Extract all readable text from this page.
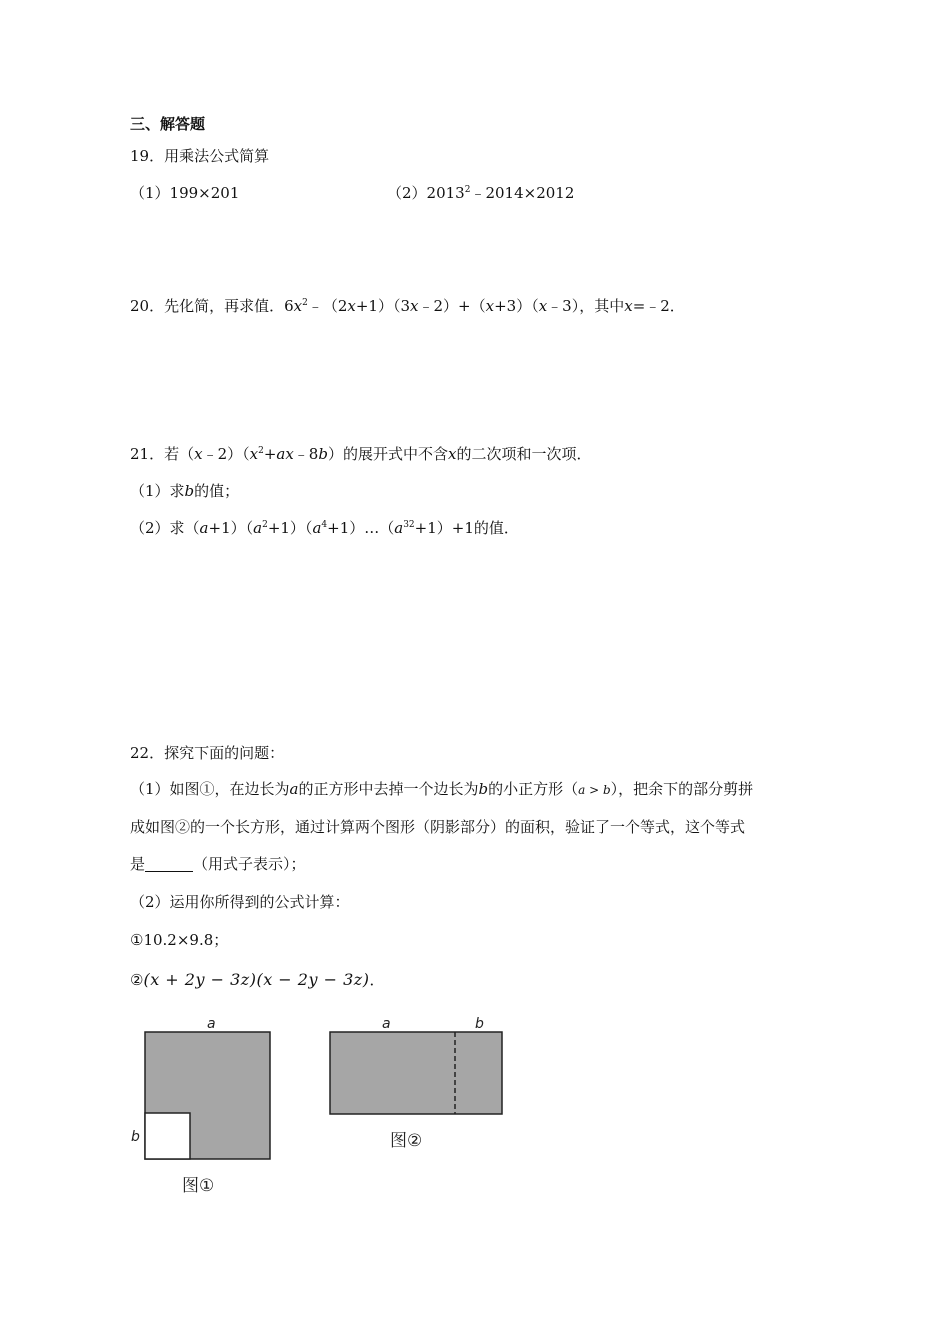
三、解答题
19．用乘法公式简算
（1）199×201	$(2)2013^2﹣2014\times 2012$
20．先化简，再求值．$6x^2﹣(2x+1)(3x﹣2)+(x+3)(x﹣3)$，其中x=﹣2．
21．若$(x﹣2)(x^2+ax﹣8b)$的展开式中不含x的二次项和一次项．
（1）求b的值；
（2）求$(a+1)(a^2+1)(a^4+1)\dots(a^{32}+1)+1$的值．
22．探究下面的问题：
（1）如图①，在边长为a的正方形中去掉一个边长为b的小正方形（a > b），把余下的部分剪拼
成如图②的一个长方形，通过计算两个图形（阴影部分）的面积，验证了一个等式，这个等式
是	（用式子表示）；
（2）运用你所得到的公式计算：
①10.2×9.8；
②(x + 2y − 3z)(x − 2y − 3z)．
a
b
图①
a	b
图②
